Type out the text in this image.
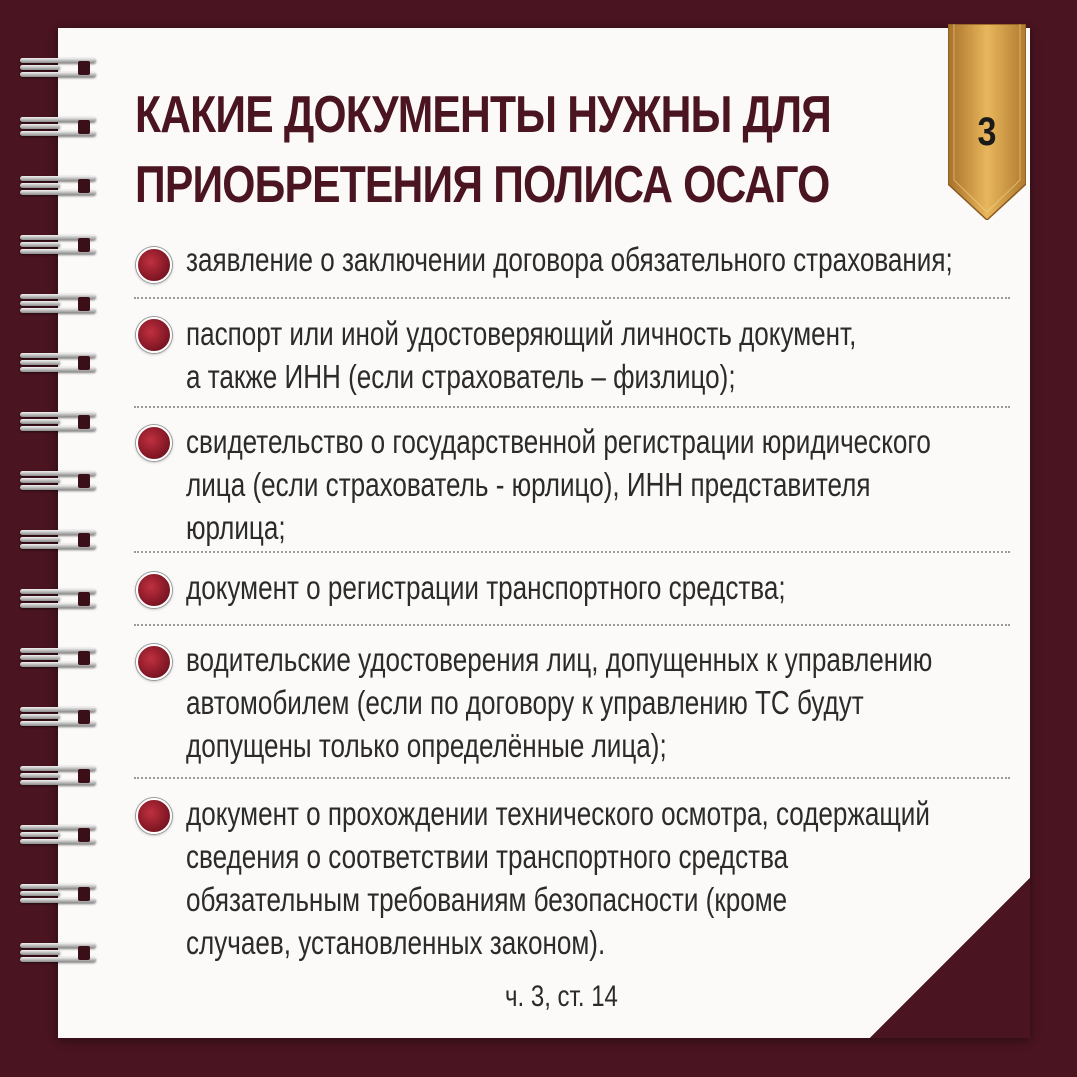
3
КАКИЕ ДОКУМЕНТЫ НУЖНЫ ДЛЯ
ПРИОБРЕТЕНИЯ ПОЛИСА ОСАГО
заявление о заключении договора обязательного страхования;
паспорт или иной удостоверяющий личность документ,
а также ИНН (если страхователь – физлицо);
свидетельство о государственной регистрации юридического
лица (если страхователь - юрлицо), ИНН представителя
юрлица;
документ о регистрации транспортного средства;
водительские удостоверения лиц, допущенных к управлению
автомобилем (если по договору к управлению ТС будут
допущены только определённые лица);
документ о прохождении технического осмотра, содержащий
сведения о соответствии транспортного средства
обязательным требованиям безопасности (кроме
случаев, установленных законом).
ч. 3, ст. 14
